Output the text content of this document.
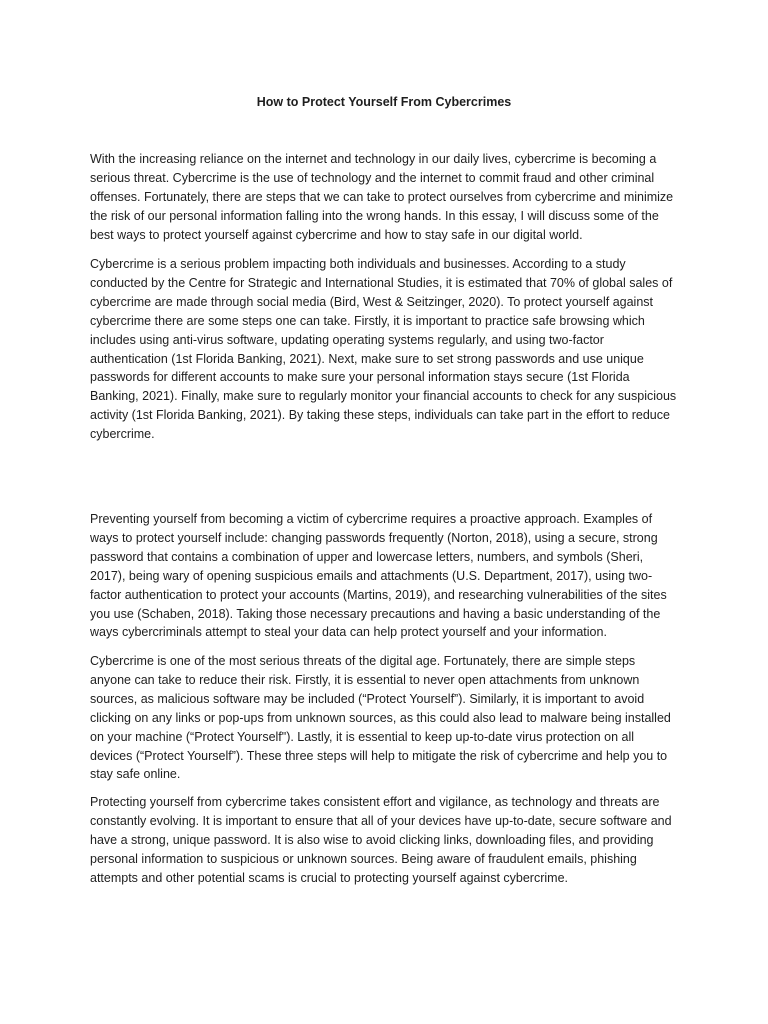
How to Protect Yourself From Cybercrimes

With the increasing reliance on the internet and technology in our daily lives, cybercrime is becoming a serious threat. Cybercrime is the use of technology and the internet to commit fraud and other criminal offenses. Fortunately, there are steps that we can take to protect ourselves from cybercrime and minimize the risk of our personal information falling into the wrong hands. In this essay, I will discuss some of the best ways to protect yourself against cybercrime and how to stay safe in our digital world.

Cybercrime is a serious problem impacting both individuals and businesses. According to a study conducted by the Centre for Strategic and International Studies, it is estimated that 70% of global sales of cybercrime are made through social media (Bird, West & Seitzinger, 2020). To protect yourself against cybercrime there are some steps one can take. Firstly, it is important to practice safe browsing which includes using anti-virus software, updating operating systems regularly, and using two-factor authentication (1st Florida Banking, 2021). Next, make sure to set strong passwords and use unique passwords for different accounts to make sure your personal information stays secure (1st Florida Banking, 2021). Finally, make sure to regularly monitor your financial accounts to check for any suspicious activity (1st Florida Banking, 2021). By taking these steps, individuals can take part in the effort to reduce cybercrime.

Preventing yourself from becoming a victim of cybercrime requires a proactive approach. Examples of ways to protect yourself include: changing passwords frequently (Norton, 2018), using a secure, strong password that contains a combination of upper and lowercase letters, numbers, and symbols (Sheri, 2017), being wary of opening suspicious emails and attachments (U.S. Department, 2017), using two-factor authentication to protect your accounts (Martins, 2019), and researching vulnerabilities of the sites you use (Schaben, 2018). Taking those necessary precautions and having a basic understanding of the ways cybercriminals attempt to steal your data can help protect yourself and your information.

Cybercrime is one of the most serious threats of the digital age. Fortunately, there are simple steps anyone can take to reduce their risk. Firstly, it is essential to never open attachments from unknown sources, as malicious software may be included (“Protect Yourself”). Similarly, it is important to avoid clicking on any links or pop-ups from unknown sources, as this could also lead to malware being installed on your machine (“Protect Yourself"). Lastly, it is essential to keep up-to-date virus protection on all devices (“Protect Yourself”). These three steps will help to mitigate the risk of cybercrime and help you to stay safe online.

Protecting yourself from cybercrime takes consistent effort and vigilance, as technology and threats are constantly evolving. It is important to ensure that all of your devices have up-to-date, secure software and have a strong, unique password. It is also wise to avoid clicking links, downloading files, and providing personal information to suspicious or unknown sources. Being aware of fraudulent emails, phishing attempts and other potential scams is crucial to protecting yourself against cybercrime.
